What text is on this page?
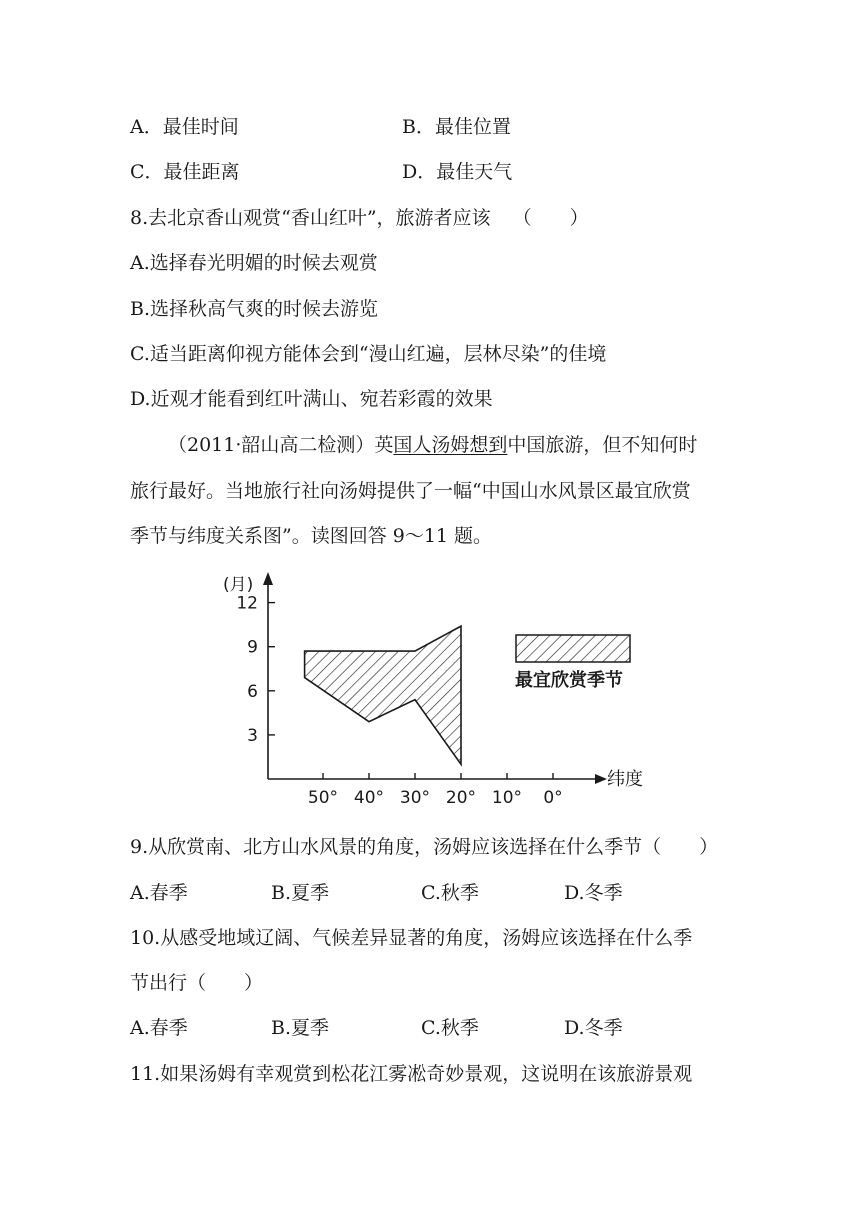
A．最佳时间	B．最佳位置
C．最佳距离	D．最佳天气

8.去北京香山观赏“香山红叶”，旅游者应该 （　　）

A.选择春光明媚的时候去观赏

B.选择秋高气爽的时候去游览

C.适当距离仰视方能体会到“漫山红遍，层林尽染”的佳境

D.近观才能看到红叶满山、宛若彩霞的效果

（2011·韶山高二检测）英国人汤姆想到中国旅游，但不知何时

旅行最好。当地旅行社向汤姆提供了一幅“中国山水风景区最宜欣赏

季节与纬度关系图”。读图回答 9～11 题。

3
6
9
12
50° 40° 30° 20° 10° 0°
(月)
纬度
最宜欣赏季节

9.从欣赏南、北方山水风景的角度，汤姆应该选择在什么季节（　　）

A.春季	B.夏季	C.秋季	D.冬季

10.从感受地域辽阔、气候差异显著的角度，汤姆应该选择在什么季

节出行（　　）

A.春季	B.夏季	C.秋季	D.冬季

11.如果汤姆有幸观赏到松花江雾凇奇妙景观，这说明在该旅游景观
